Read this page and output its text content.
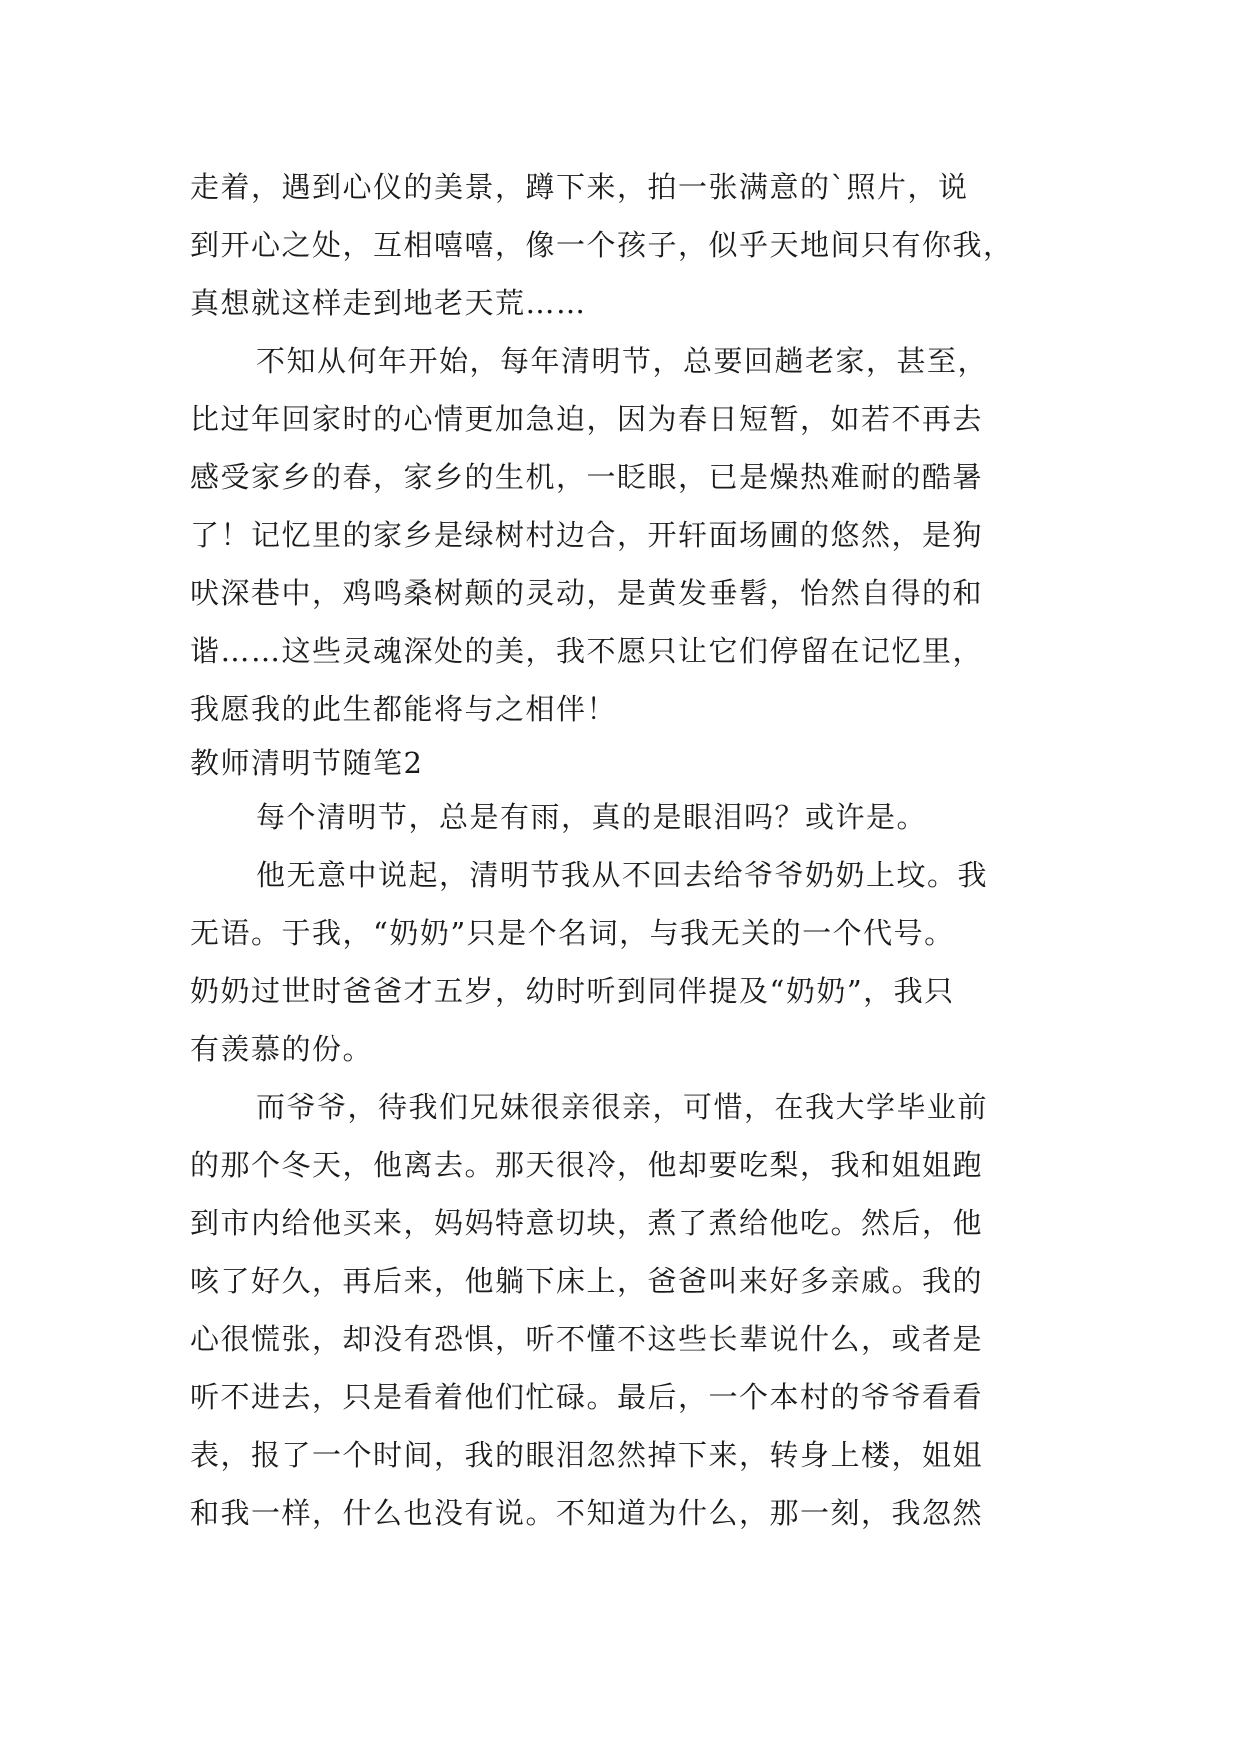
走着，遇到心仪的美景，蹲下来，拍一张满意的`照片，说
到开心之处，互相嘻嘻，像一个孩子，似乎天地间只有你我，
真想就这样走到地老天荒……
不知从何年开始，每年清明节，总要回趟老家，甚至，
比过年回家时的心情更加急迫，因为春日短暂，如若不再去
感受家乡的春，家乡的生机，一眨眼，已是燥热难耐的酷暑
了！记忆里的家乡是绿树村边合，开轩面场圃的悠然，是狗
吠深巷中，鸡鸣桑树颠的灵动，是黄发垂髫，怡然自得的和
谐……这些灵魂深处的美，我不愿只让它们停留在记忆里，
我愿我的此生都能将与之相伴！
教师清明节随笔2
每个清明节，总是有雨，真的是眼泪吗？或许是。
他无意中说起，清明节我从不回去给爷爷奶奶上坟。我
无语。于我，“奶奶”只是个名词，与我无关的一个代号。
奶奶过世时爸爸才五岁，幼时听到同伴提及“奶奶”，我只
有羡慕的份。
而爷爷，待我们兄妹很亲很亲，可惜，在我大学毕业前
的那个冬天，他离去。那天很冷，他却要吃梨，我和姐姐跑
到市内给他买来，妈妈特意切块，煮了煮给他吃。然后，他
咳了好久，再后来，他躺下床上，爸爸叫来好多亲戚。我的
心很慌张，却没有恐惧，听不懂不这些长辈说什么，或者是
听不进去，只是看着他们忙碌。最后，一个本村的爷爷看看
表，报了一个时间，我的眼泪忽然掉下来，转身上楼，姐姐
和我一样，什么也没有说。不知道为什么，那一刻，我忽然
